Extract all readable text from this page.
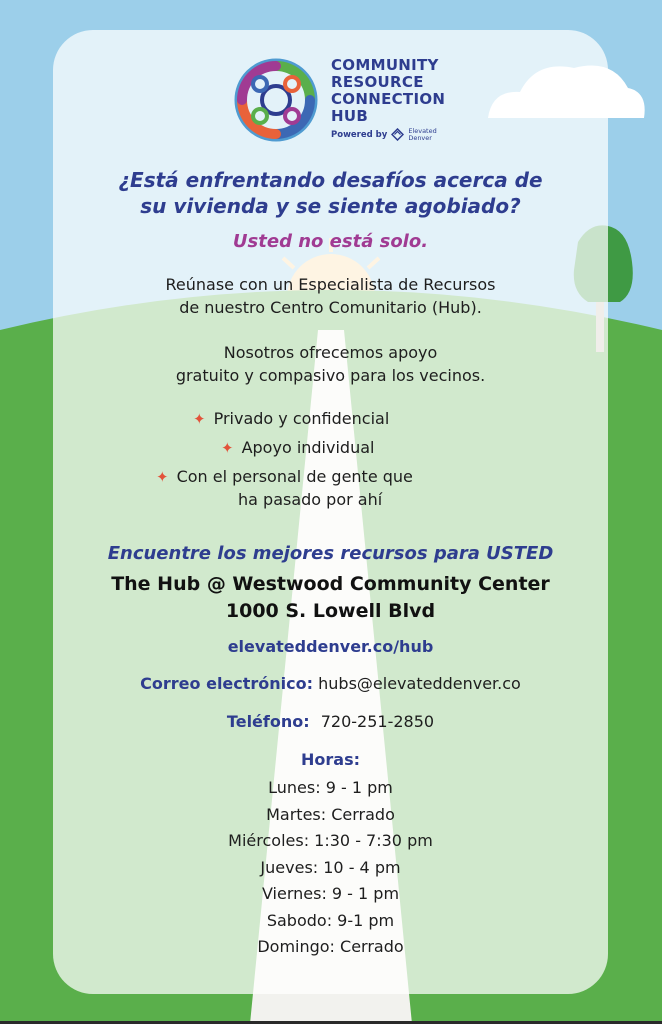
COMMUNITY
RESOURCE
CONNECTION
HUB
Powered by	Elevated
Denver
¿Está enfrentando desafíos acerca de
su vivienda y se siente agobiado?
Usted no está solo.
Reúnase con un Especialista de Recursos
de nuestro Centro Comunitario (Hub).
Nosotros ofrecemos apoyo
gratuito y compasivo para los vecinos.
✦ Privado y confidencial
✦ Apoyo individual
✦ Con el personal de gente que
ha pasado por ahí
Encuentre los mejores recursos para USTED
The Hub @ Westwood Community Center
1000 S. Lowell Blvd
elevateddenver.co/hub
Correo electrónico: hubs@elevateddenver.co
Teléfono: 720-251-2850
Horas:
Lunes: 9 - 1 pm
Martes: Cerrado
Miércoles: 1:30 - 7:30 pm
Jueves: 10 - 4 pm
Viernes: 9 - 1 pm
Sabodo: 9-1 pm
Domingo: Cerrado
